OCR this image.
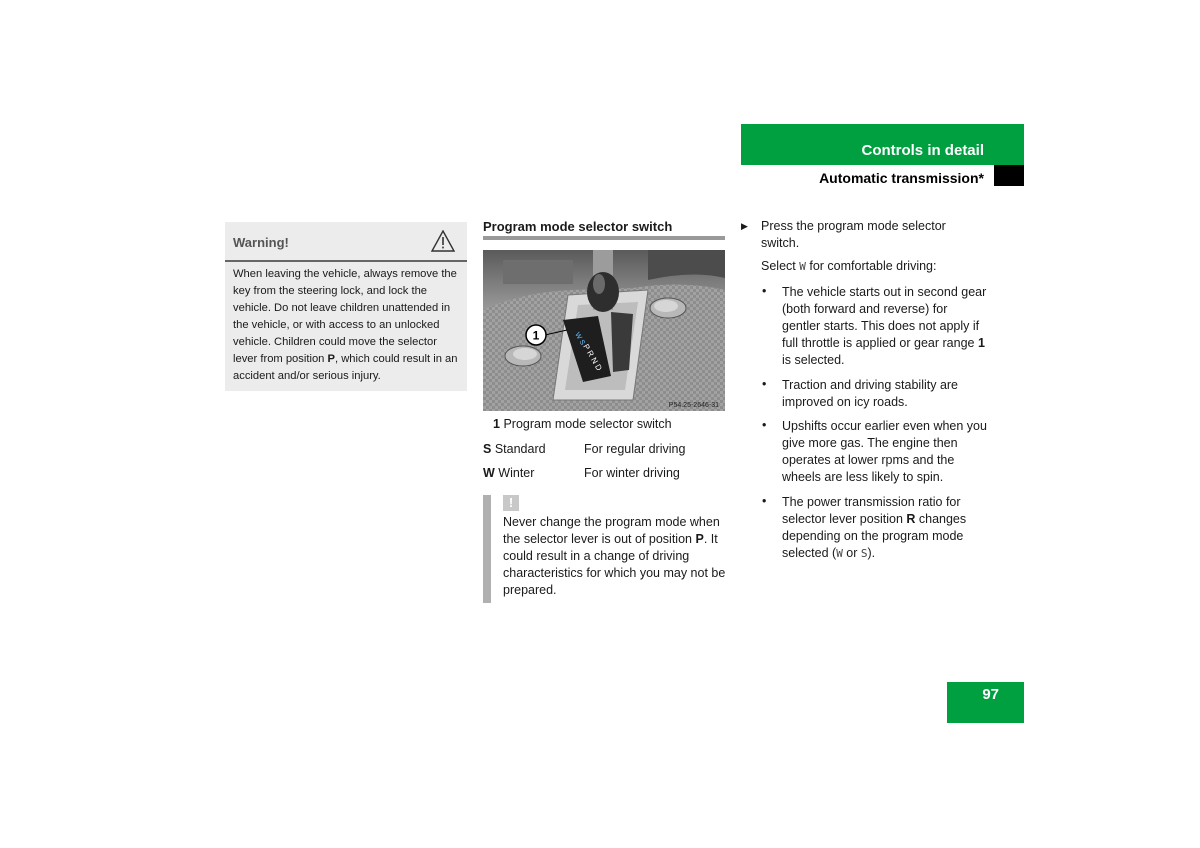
Controls in detail
Automatic transmission*
Warning!
When leaving the vehicle, always remove the key from the steering lock, and lock the vehicle. Do not leave children unattended in the vehicle, or with access to an unlocked vehicle. Children could move the selector lever from position P, which could result in an accident and/or serious injury.
Program mode selector switch
W S
P R N D
1
P54.25-2646-31
1 Program mode selector switch
S Standard	For regular driving
W Winter	For winter driving
!
Never change the program mode when the selector lever is out of position P. It could result in a change of driving characteristics for which you may not be prepared.
▶ Press the program mode selector switch.
Select W for comfortable driving:
• The vehicle starts out in second gear (both forward and reverse) for gentler starts. This does not apply if full throttle is applied or gear range 1 is selected.
• Traction and driving stability are improved on icy roads.
• Upshifts occur earlier even when you give more gas. The engine then operates at lower rpms and the wheels are less likely to spin.
• The power transmission ratio for selector lever position R changes depending on the program mode selected (W or S).
97
